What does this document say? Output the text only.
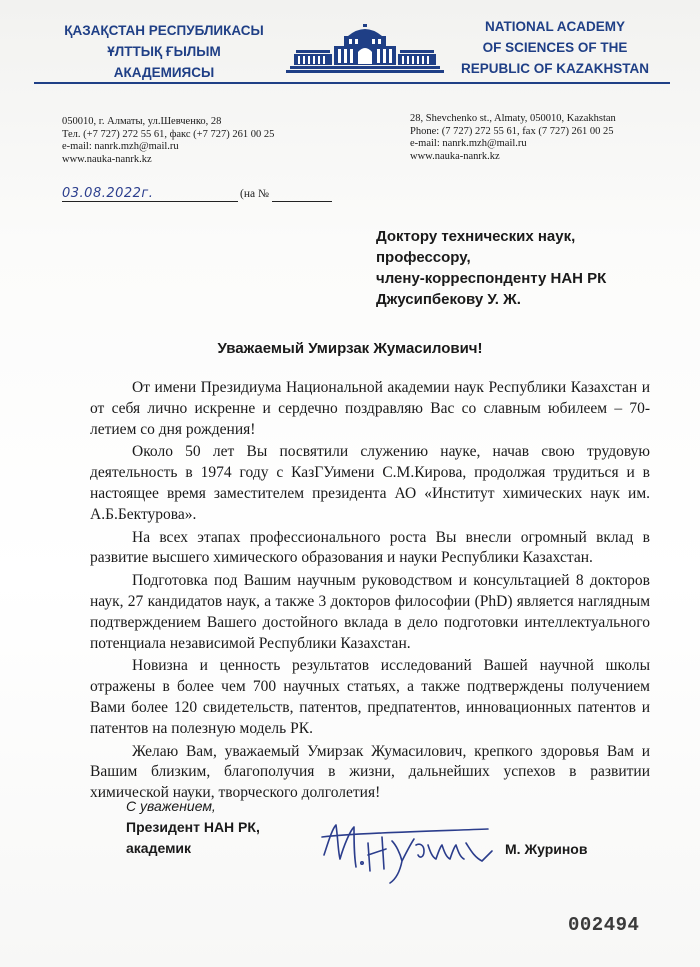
ҚАЗАҚСТАН РЕСПУБЛИКАСЫ
ҰЛТТЫҚ ҒЫЛЫМ
АКАДЕМИЯСЫ
NATIONAL ACADEMY
OF SCIENCES OF THE
REPUBLIC OF KAZAKHSTAN
050010, г. Алматы, ул.Шевченко, 28
Тел. (+7 727) 272 55 61, факс (+7 727) 261 00 25
e-mail: nanrk.mzh@mail.ru
www.nauka-nanrk.kz
28, Shevchenko st., Almaty, 050010, Kazakhstan
Phone: (7 727) 272 55 61, fax (7 727) 261 00 25
e-mail: nanrk.mzh@mail.ru
www.nauka-nanrk.kz
03.08.2022г.	(на №
Доктору технических наук,
профессору,
члену-корреспонденту НАН РК
Джусипбекову У. Ж.
Уважаемый Умирзак Жумасилович!

От имени Президиума Национальной академии наук Республики Казахстан и от себя лично искренне и сердечно поздравляю Вас со славным юбилеем – 70-летием со дня рождения!

Около 50 лет Вы посвятили служению науке, начав свою трудовую деятельность в 1974 году с КазГУимени С.М.Кирова, продолжая трудиться и в настоящее время заместителем президента АО «Институт химических наук им. А.Б.Бектурова».

На всех этапах профессионального роста Вы внесли огромный вклад в развитие высшего химического образования и науки Республики Казахстан.

Подготовка под Вашим научным руководством и консультацией 8 докторов наук, 27 кандидатов наук, а также 3 докторов философии (PhD) является наглядным подтверждением Вашего достойного вклада в дело подготовки интеллектуального потенциала независимой Республики Казахстан.

Новизна и ценность результатов исследований Вашей научной школы отражены в более чем 700 научных статьях, а также подтверждены получением Вами более 120 свидетельств, патентов, предпатентов, инновационных патентов и патентов на полезную модель РК.

Желаю Вам, уважаемый Умирзак Жумасилович, крепкого здоровья Вам и Вашим близким, благополучия в жизни, дальнейших успехов в развитии химической науки, творческого долголетия!

С уважением,
Президент НАН РК,
академик	М. Журинов
002494
